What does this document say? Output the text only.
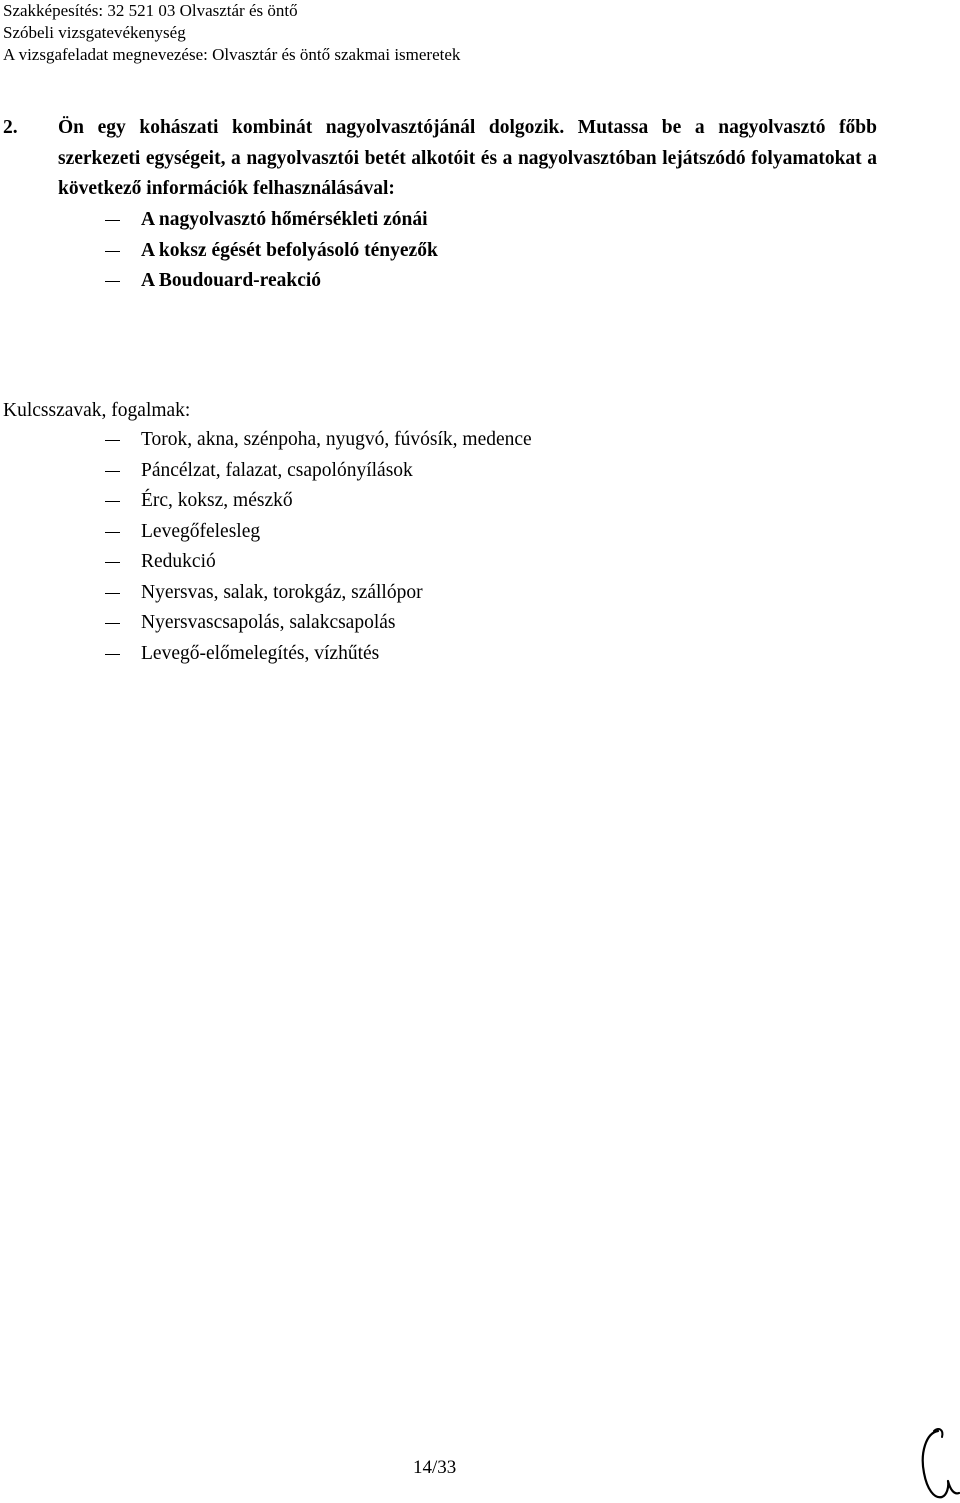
Szakképesítés: 32 521 03 Olvasztár és öntő
Szóbeli vizsgatevékenység
A vizsgafeladat megnevezése: Olvasztár és öntő szakmai ismeretek
2.	Ön egy kohászati kombinát nagyolvasztójánál dolgozik. Mutassa be a nagyolvasztó főbb szerkezeti egységeit, a nagyolvasztói betét alkotóit és a nagyolvasztóban lejátszódó folyamatokat a következő információk felhasználásával:
A nagyolvasztó hőmérsékleti zónái
A koksz égését befolyásoló tényezők
A Boudouard-reakció
Kulcsszavak, fogalmak:
Torok, akna, szénpoha, nyugvó, fúvósík, medence
Páncélzat, falazat, csapolónyílások
Érc, koksz, mészkő
Levegőfelesleg
Redukció
Nyersvas, salak, torokgáz, szállópor
Nyersvascsapolás, salakcsapolás
Levegő-előmelegítés, vízhűtés
14/33
